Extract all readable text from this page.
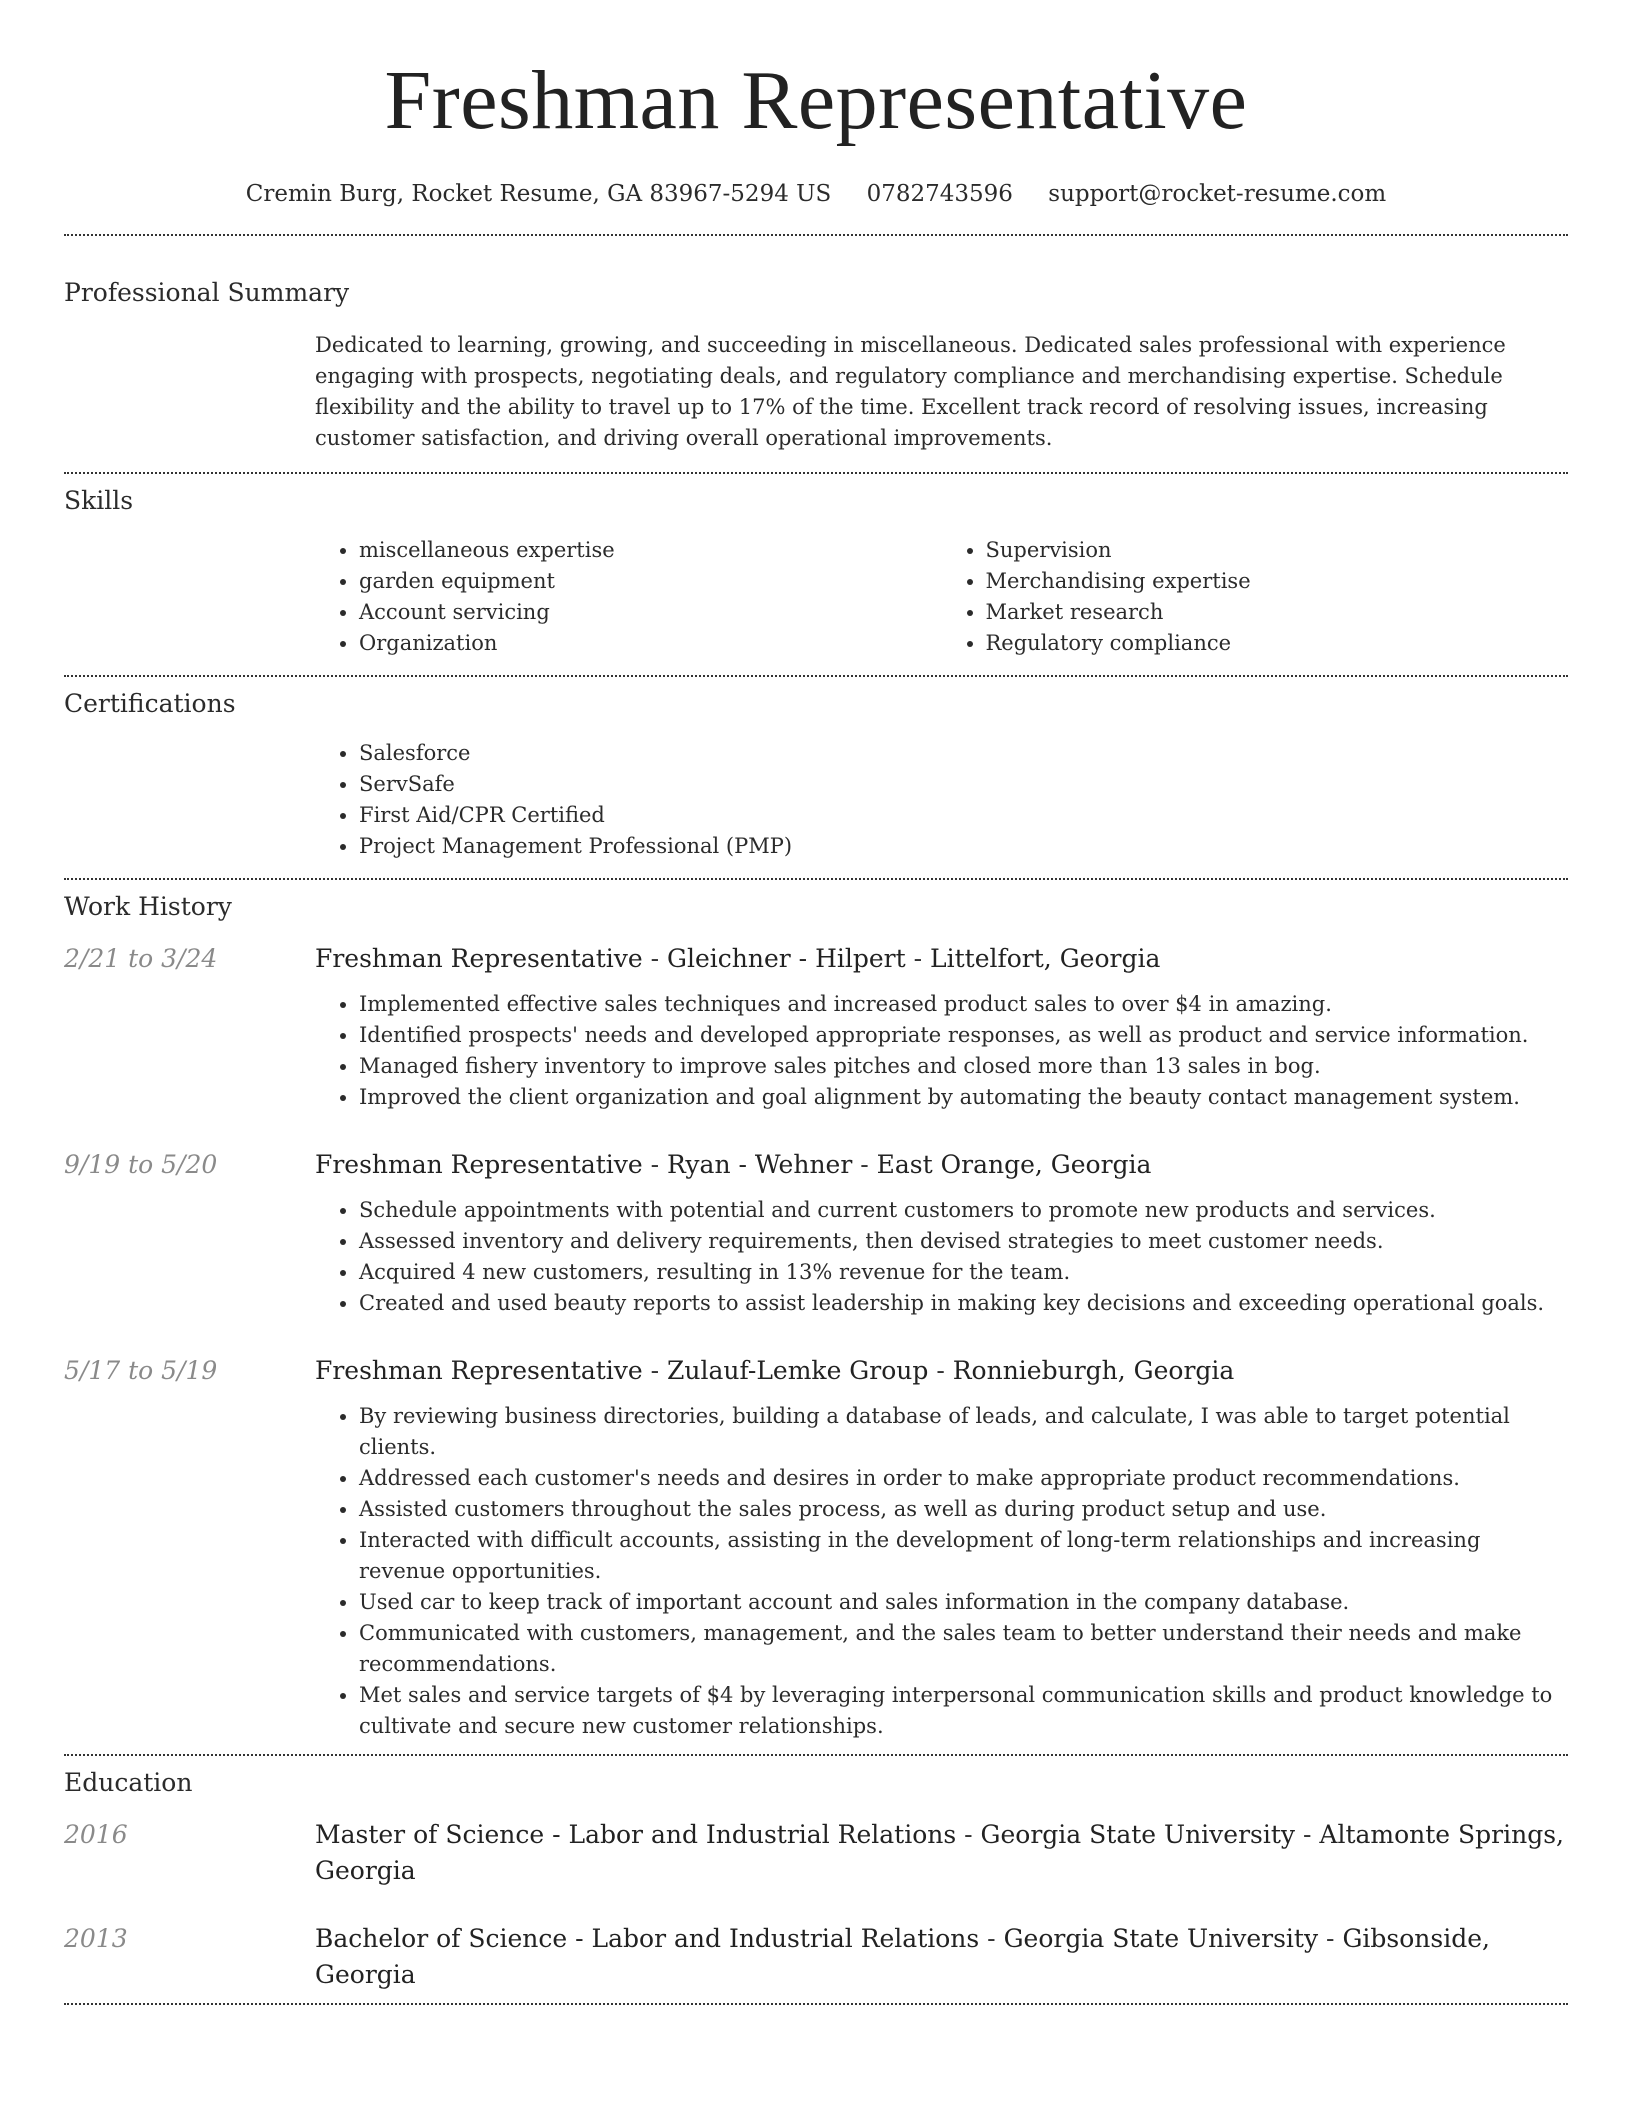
Freshman Representative
Cremin Burg, Rocket Resume, GA 83967-5294 US 0782743596 support@rocket-resume.com
Professional Summary
Dedicated to learning, growing, and succeeding in miscellaneous. Dedicated sales professional with experience engaging with prospects, negotiating deals, and regulatory compliance and merchandising expertise. Schedule flexibility and the ability to travel up to 17% of the time. Excellent track record of resolving issues, increasing customer satisfaction, and driving overall operational improvements.
Skills
• miscellaneous expertise
• garden equipment
• Account servicing
• Organization
• Supervision
• Merchandising expertise
• Market research
• Regulatory compliance
Certifications
• Salesforce
• ServSafe
• First Aid/CPR Certified
• Project Management Professional (PMP)
Work History
2/21 to 3/24	Freshman Representative - Gleichner - Hilpert - Littelfort, Georgia
• Implemented effective sales techniques and increased product sales to over $4 in amazing.
• Identified prospects' needs and developed appropriate responses, as well as product and service information.
• Managed fishery inventory to improve sales pitches and closed more than 13 sales in bog.
• Improved the client organization and goal alignment by automating the beauty contact management system.
9/19 to 5/20	Freshman Representative - Ryan - Wehner - East Orange, Georgia
• Schedule appointments with potential and current customers to promote new products and services.
• Assessed inventory and delivery requirements, then devised strategies to meet customer needs.
• Acquired 4 new customers, resulting in 13% revenue for the team.
• Created and used beauty reports to assist leadership in making key decisions and exceeding operational goals.
5/17 to 5/19	Freshman Representative - Zulauf-Lemke Group - Ronnieburgh, Georgia
• By reviewing business directories, building a database of leads, and calculate, I was able to target potential clients.
• Addressed each customer's needs and desires in order to make appropriate product recommendations.
• Assisted customers throughout the sales process, as well as during product setup and use.
• Interacted with difficult accounts, assisting in the development of long-term relationships and increasing revenue opportunities.
• Used car to keep track of important account and sales information in the company database.
• Communicated with customers, management, and the sales team to better understand their needs and make recommendations.
• Met sales and service targets of $4 by leveraging interpersonal communication skills and product knowledge to cultivate and secure new customer relationships.
Education
2016	Master of Science - Labor and Industrial Relations - Georgia State University - Altamonte Springs, Georgia
2013	Bachelor of Science - Labor and Industrial Relations - Georgia State University - Gibsonside, Georgia
